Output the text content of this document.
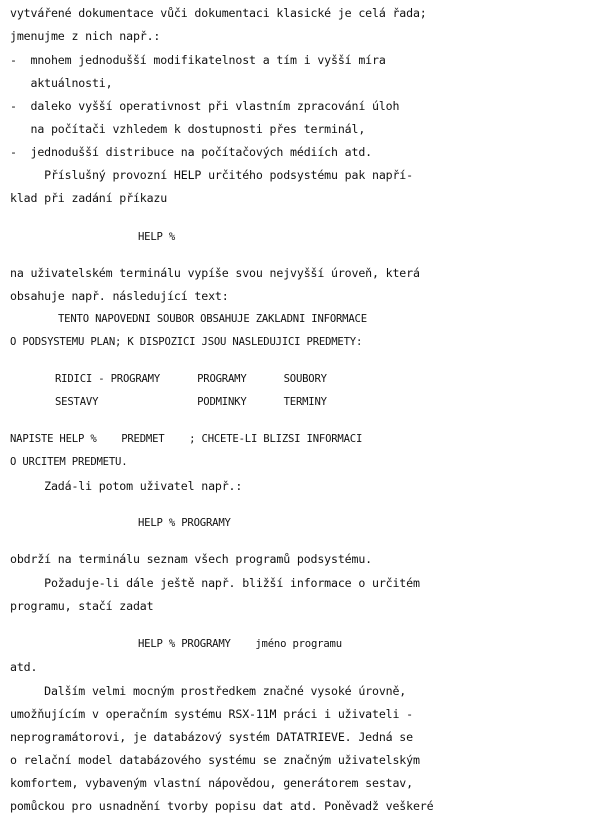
vytvářené dokumentace vůči dokumentaci klasické je celá řada;
jmenujme z nich např.:
-  mnohem jednodušší modifikatelnost a tím i vyšší míra
aktuálnosti,
-  daleko vyšší operativnost při vlastním zpracování úloh
na počítači vzhledem k dostupnosti přes terminál,
-  jednodušší distribuce na počítačových médiích atd.
Příslušný provozní HELP určitého podsystému pak napří-
klad při zadání příkazu
HELP %
na uživatelském terminálu vypíše svou nejvyšší úroveň, která
obsahuje např. následující text:
TENTO NAPOVEDNI SOUBOR OBSAHUJE ZAKLADNI INFORMACE
O PODSYSTEMU PLAN; K DISPOZICI JSOU NASLEDUJICI PREDMETY:
RIDICI - PROGRAMY      PROGRAMY      SOUBORY
SESTAVY                PODMINKY      TERMINY
NAPISTE HELP %    PREDMET    ; CHCETE-LI BLIZSI INFORMACI
O URCITEM PREDMETU.
Zadá-li potom uživatel např.:
HELP % PROGRAMY
obdrží na terminálu seznam všech programů podsystému.
Požaduje-li dále ještě např. bližší informace o určitém
programu, stačí zadat
HELP % PROGRAMY    jméno programu
atd.
Dalším velmi mocným prostředkem značné vysoké úrovně,
umožňujícím v operačním systému RSX-11M práci i uživateli -
neprogramátorovi, je databázový systém DATATRIEVE. Jedná se
o relační model databázového systému se značným uživatelským
komfortem, vybaveným vlastní nápovědou, generátorem sestav,
pomůckou pro usnadnění tvorby popisu dat atd. Poněvadž veškeré
